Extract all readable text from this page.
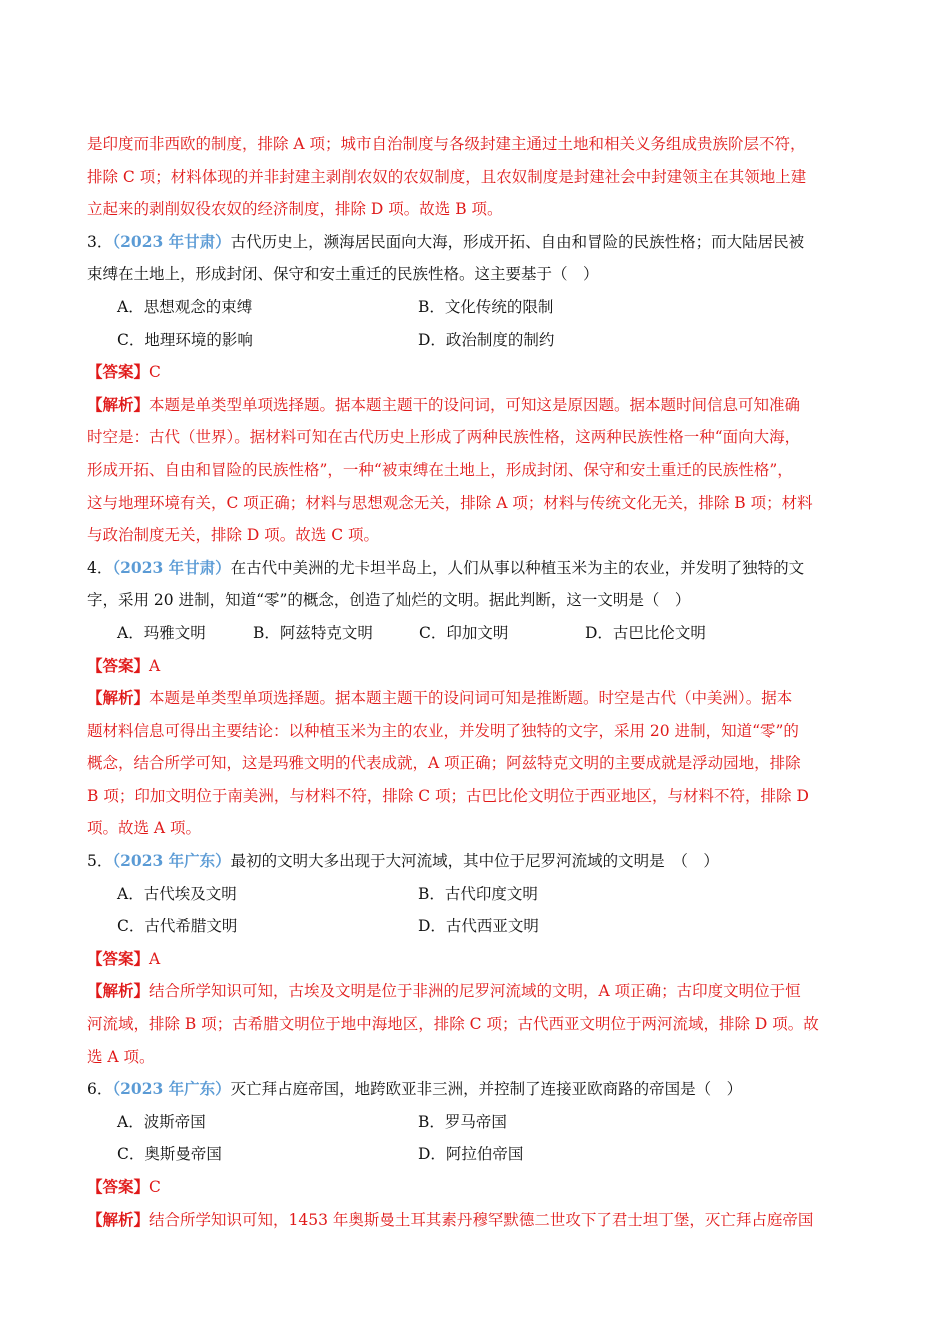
是印度而非西欧的制度，排除 A 项；城市自治制度与各级封建主通过土地和相关义务组成贵族阶层不符，

排除 C 项；材料体现的并非封建主剥削农奴的农奴制度，且农奴制度是封建社会中封建领主在其领地上建

立起来的剥削奴役农奴的经济制度，排除 D 项。故选 B 项。

3．（2023 年甘肃）古代历史上，濒海居民面向大海，形成开拓、自由和冒险的民族性格；而大陆居民被

束缚在土地上，形成封闭、保守和安土重迁的民族性格。这主要基于（　）

A．思想观念的束缚	B．文化传统的限制
C．地理环境的影响	D．政治制度的制约

【答案】C

【解析】本题是单类型单项选择题。据本题主题干的设问词，可知这是原因题。据本题时间信息可知准确

时空是：古代（世界）。据材料可知在古代历史上形成了两种民族性格，这两种民族性格一种“面向大海，

形成开拓、自由和冒险的民族性格”，一种“被束缚在土地上，形成封闭、保守和安土重迁的民族性格”，

这与地理环境有关，C 项正确；材料与思想观念无关，排除 A 项；材料与传统文化无关，排除 B 项；材料

与政治制度无关，排除 D 项。故选 C 项。

4．（2023 年甘肃）在古代中美洲的尤卡坦半岛上，人们从事以种植玉米为主的农业，并发明了独特的文

字，采用 20 进制，知道“零”的概念，创造了灿烂的文明。据此判断，这一文明是（　）

A．玛雅文明	B．阿兹特克文明	C．印加文明	D．古巴比伦文明

【答案】A

【解析】本题是单类型单项选择题。据本题主题干的设问词可知是推断题。时空是古代（中美洲）。据本

题材料信息可得出主要结论：以种植玉米为主的农业，并发明了独特的文字，采用 20 进制，知道“零”的

概念，结合所学可知，这是玛雅文明的代表成就，A 项正确；阿兹特克文明的主要成就是浮动园地，排除

B 项；印加文明位于南美洲，与材料不符，排除 C 项；古巴比伦文明位于西亚地区，与材料不符，排除 D

项。故选 A 项。

5．（2023 年广东）最初的文明大多出现于大河流域，其中位于尼罗河流域的文明是　（　）

A．古代埃及文明	B．古代印度文明
C．古代希腊文明	D．古代西亚文明

【答案】A

【解析】结合所学知识可知，古埃及文明是位于非洲的尼罗河流域的文明，A 项正确；古印度文明位于恒

河流域，排除 B 项；古希腊文明位于地中海地区，排除 C 项；古代西亚文明位于两河流域，排除 D 项。故

选 A 项。

6．（2023 年广东）灭亡拜占庭帝国，地跨欧亚非三洲，并控制了连接亚欧商路的帝国是（　）

A．波斯帝国	B．罗马帝国
C．奥斯曼帝国	D．阿拉伯帝国

【答案】C

【解析】结合所学知识可知，1453 年奥斯曼土耳其素丹穆罕默德二世攻下了君士坦丁堡，灭亡拜占庭帝国
